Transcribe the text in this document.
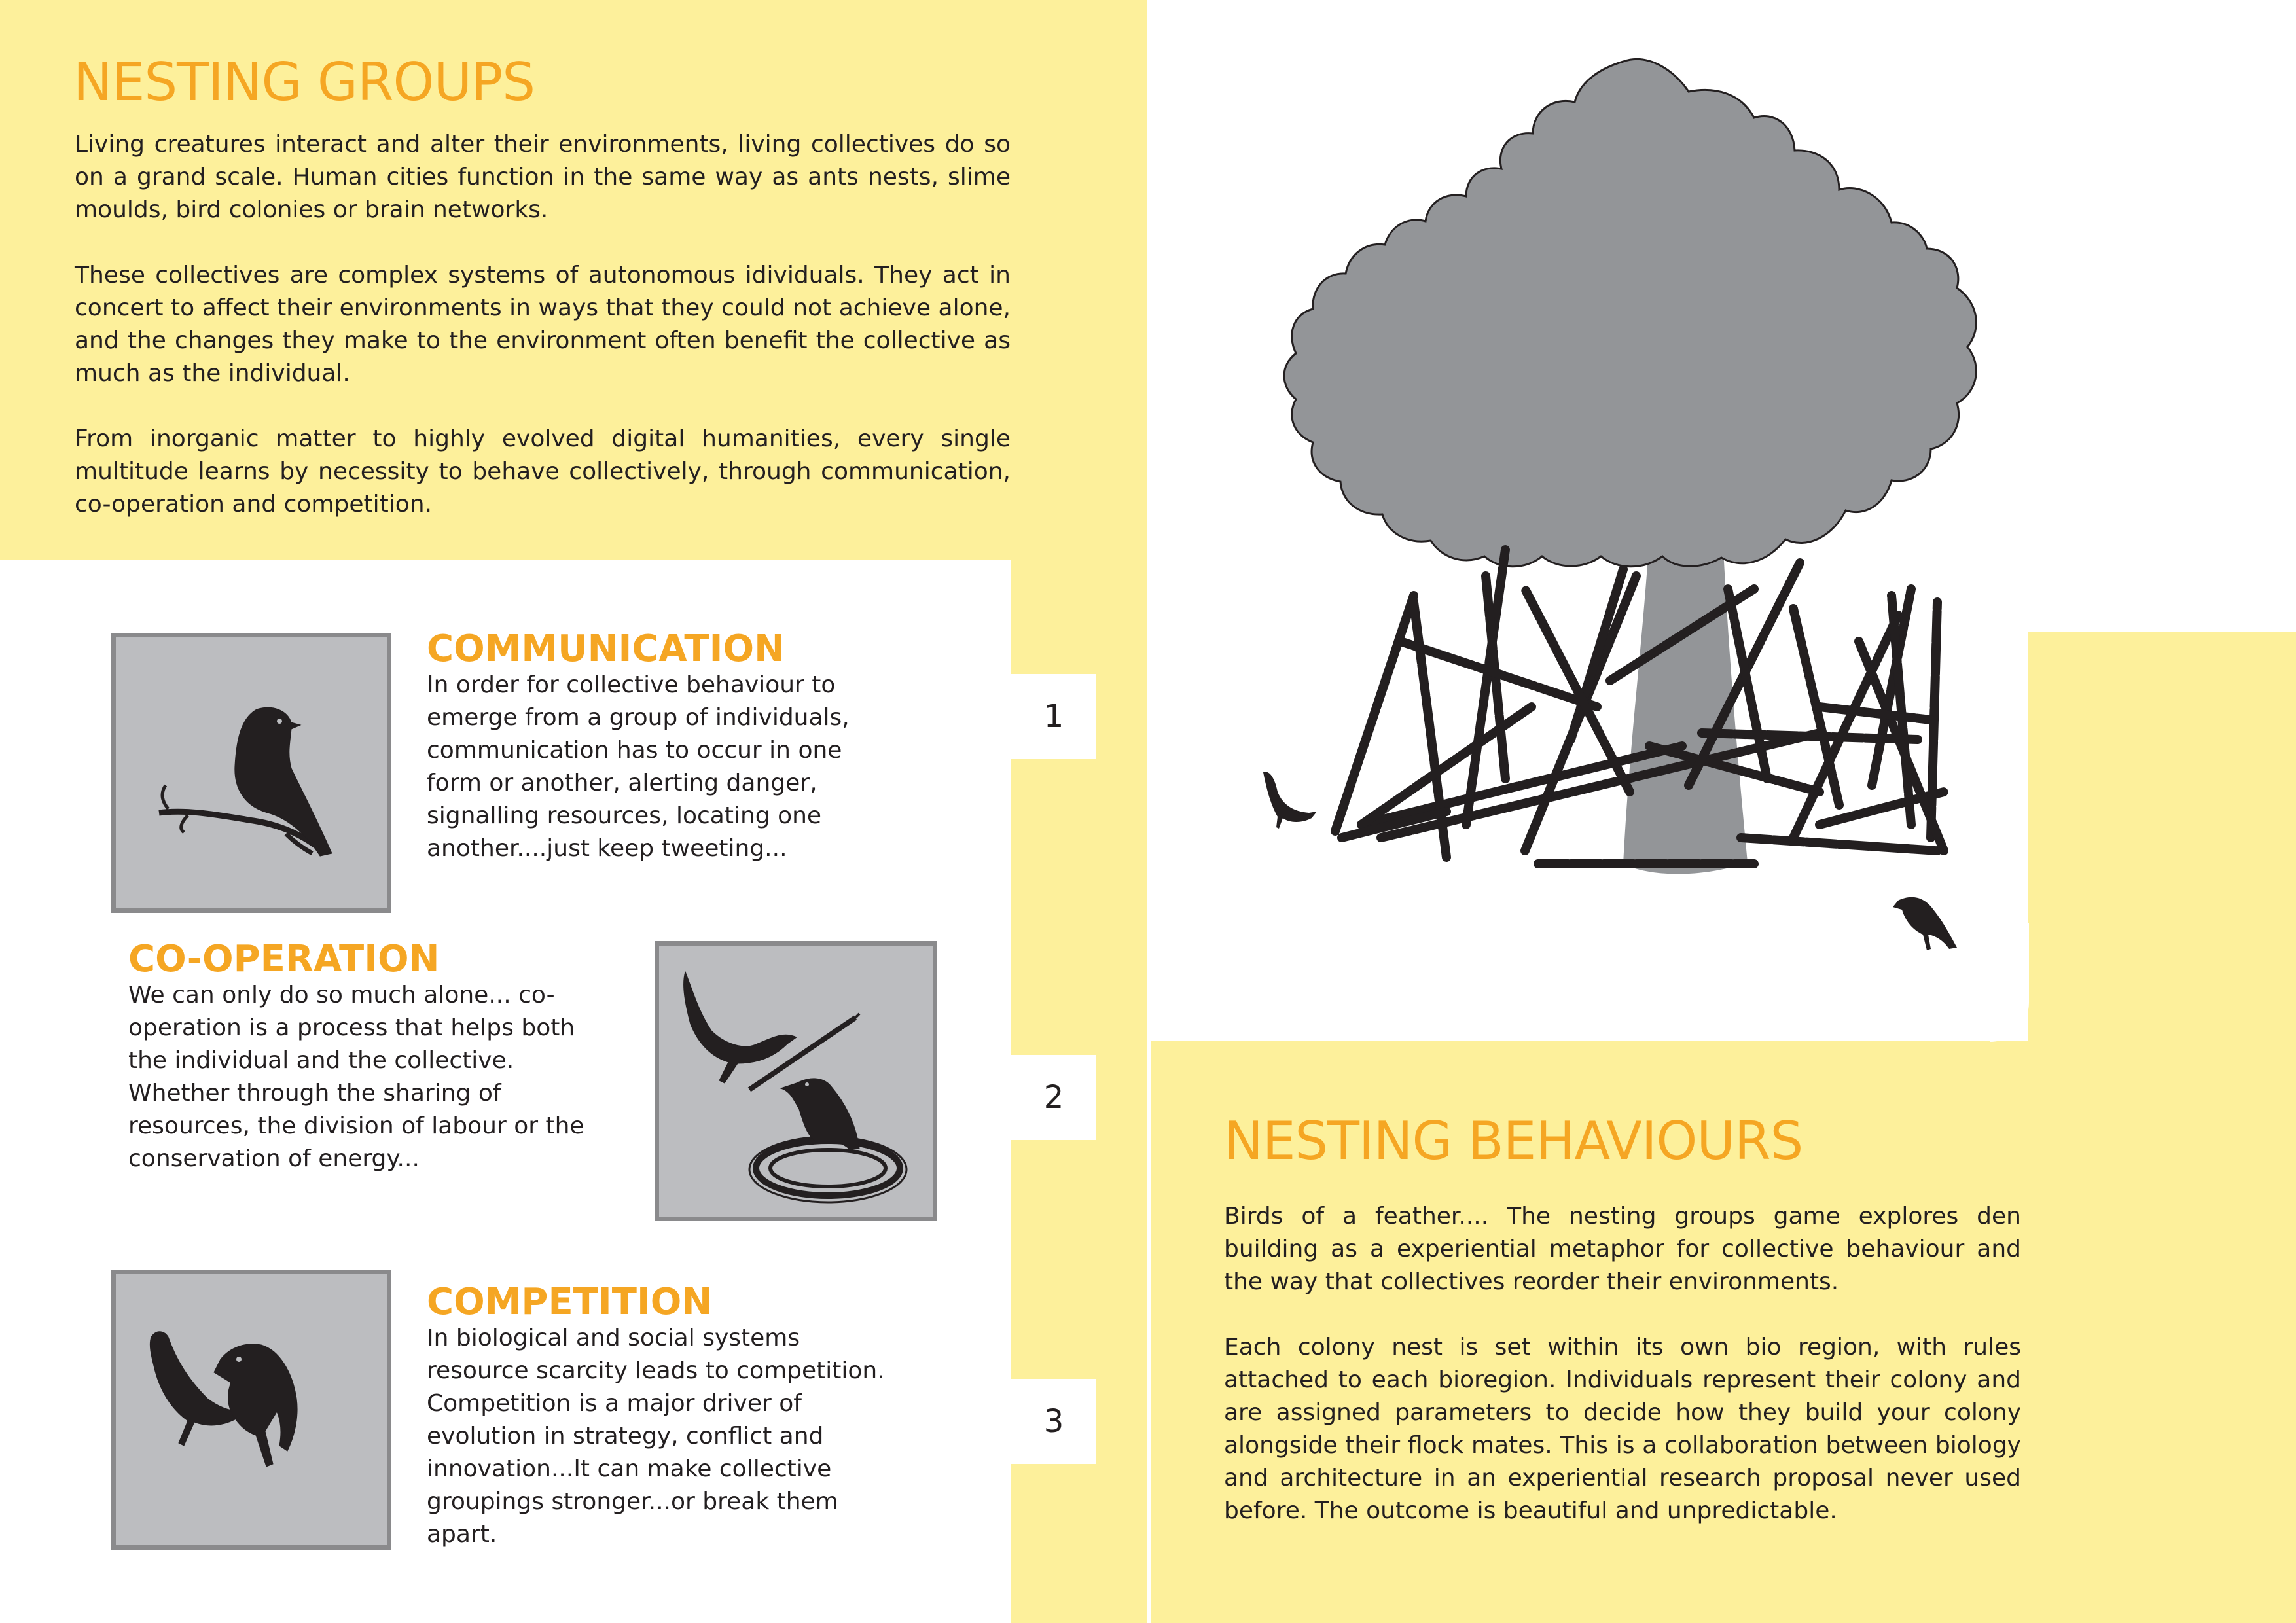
NESTING GROUPS

Living creatures interact and alter their environments, living collectives do so on a grand scale. Human cities function in the same way as ants nests, slime moulds, bird colonies or brain networks.

These collectives are complex systems of autonomous idividuals. They act in concert to affect their environments in ways that they could not achieve alone, and the changes they make to the environment often benefit the collective as much as the individual.

From inorganic matter to highly evolved digital humanities, every single multitude learns by necessity to behave collectively, through communication, co-operation and competition.

1
2
3
COMMUNICATION

In order for collective behaviour to emerge from a group of individuals, communication has to occur in one form or another, alerting danger, signalling resources, locating one another....just keep tweeting...

CO-OPERATION

We can only do so much alone... co-operation is a process that helps both the individual and the collective. Whether through the sharing of resources, the division of labour or the conservation of energy...

COMPETITION

In biological and social systems resource scarcity leads to competition. Competition is a major driver of evolution in strategy, conflict and innovation...It can make collective groupings stronger...or break them apart.

NESTING BEHAVIOURS

Birds of a feather.... The nesting groups game explores den building as a experiential metaphor for collective behaviour and the way that collectives reorder their environments.

Each colony nest is set within its own bio region, with rules attached to each bioregion. Individuals represent their colony and are assigned parameters to decide how they build your colony alongside their flock mates. This is a collaboration between biology and architecture in an experiential research proposal never used before. The outcome is beautiful and unpredictable.
